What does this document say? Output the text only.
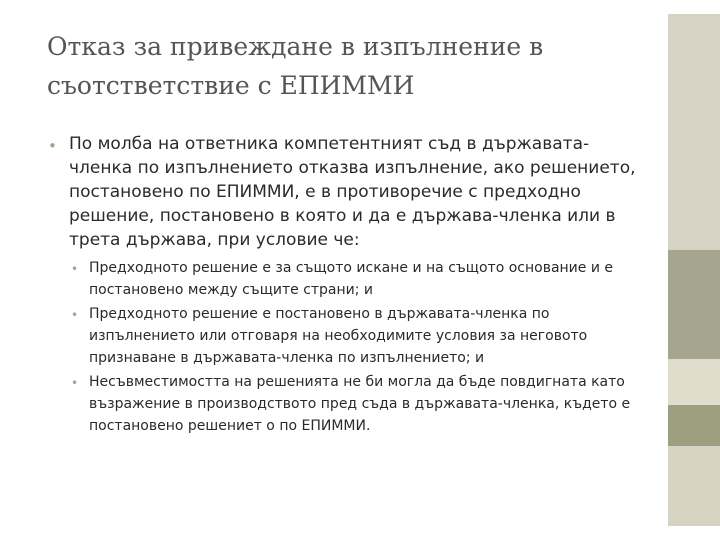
Отказ за привеждане в изпълнение в
съотстветствие с ЕПИММИ
• По молба на ответника компетентният съд в държавата-членка по изпълнението отказва изпълнение, ако решението, постановено по ЕПИММИ, е в противоречие с предходно решение, постановено в която и да е държава-членка или в трета държава, при условие че:
• Предходното решение е за същото искане и на същото основание и е постановено между същите страни; и
• Предходното решение е постановено в държавата-членка по изпълнението или отговаря на необходимите условия за неговото признаване в държавата-членка по изпълнението; и
• Несъвместимостта на решенията не би могла да бъде повдигната като възражение в производството пред съда в държавата-членка, където е постановено решениет о по ЕПИММИ.
